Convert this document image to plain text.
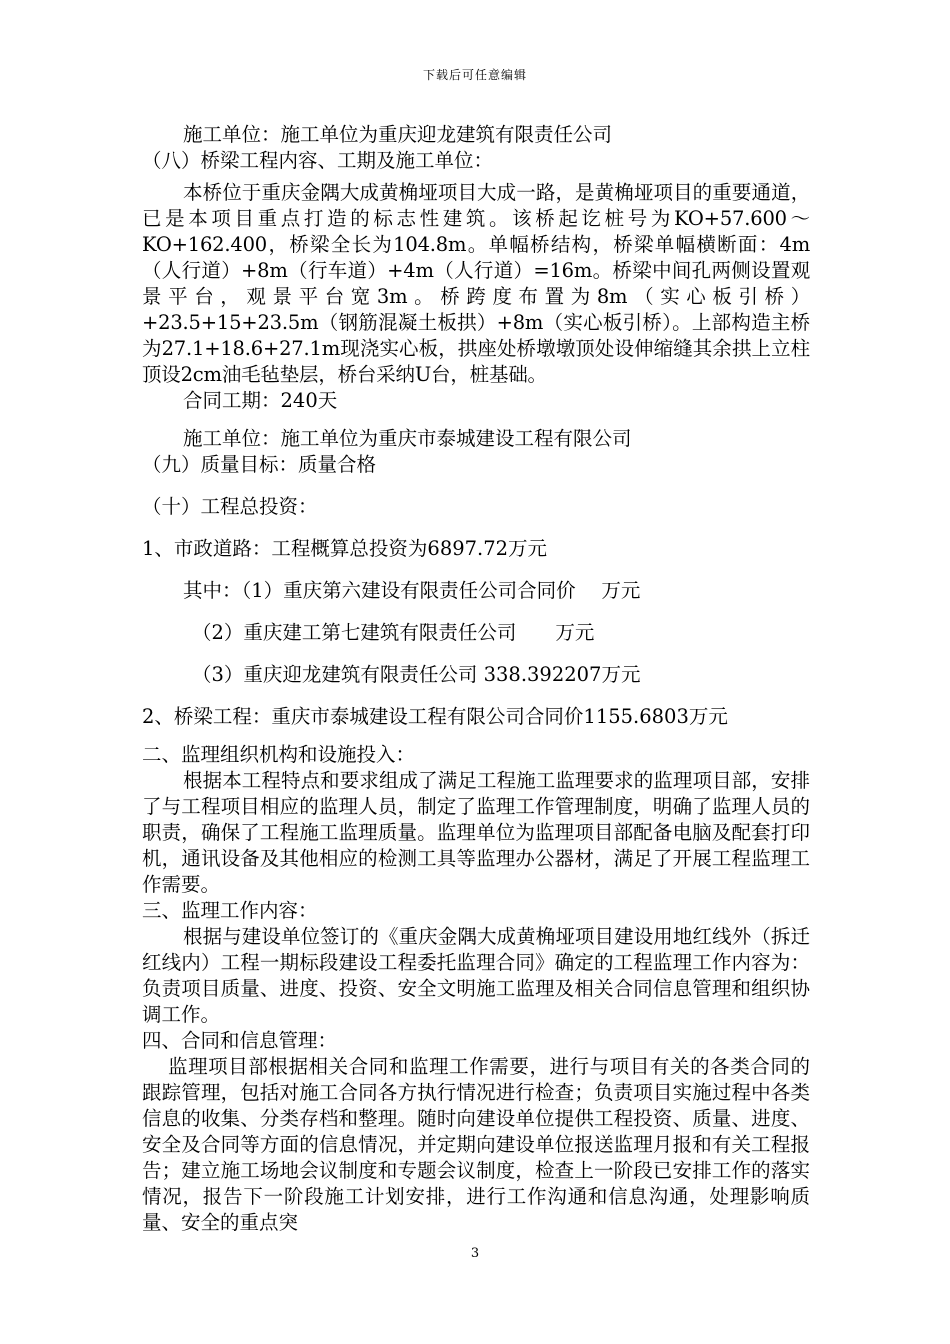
下载后可任意编辑

施工单位：施工单位为重庆迎龙建筑有限责任公司

（八）桥梁工程内容、工期及施工单位：

本桥位于重庆金隅大成黄桷垭项目大成一路，是黄桷垭项目的重要通道，已是本项目重点打造的标志性建筑。该桥起讫桩号为KO+57.600～KO+162.400，桥梁全长为104.8m。单幅桥结构，桥梁单幅横断面：4m（人行道）+8m（行车道）+4m（人行道）=16m。桥梁中间孔两侧设置观景平台，观景平台宽3m。桥跨度布置为8m（实心板引桥）+23.5+15+23.5m（钢筋混凝土板拱）+8m（实心板引桥）。上部构造主桥为27.1+18.6+27.1m现浇实心板，拱座处桥墩墩顶处设伸缩缝其余拱上立柱顶设2cm油毛毡垫层，桥台采纳U台，桩基础。

合同工期：240天

施工单位：施工单位为重庆市泰城建设工程有限公司

（九）质量目标：质量合格

（十）工程总投资：

1、市政道路：工程概算总投资为6897.72万元

其中：（1）重庆第六建设有限责任公司合同价　 万元

（2）重庆建工第七建筑有限责任公司　　万元

（3）重庆迎龙建筑有限责任公司 338.392207万元

2、桥梁工程：重庆市泰城建设工程有限公司合同价1155.6803万元

二、监理组织机构和设施投入：

根据本工程特点和要求组成了满足工程施工监理要求的监理项目部，安排了与工程项目相应的监理人员，制定了监理工作管理制度，明确了监理人员的职责，确保了工程施工监理质量。监理单位为监理项目部配备电脑及配套打印机，通讯设备及其他相应的检测工具等监理办公器材，满足了开展工程监理工作需要。

三、监理工作内容：

根据与建设单位签订的《重庆金隅大成黄桷垭项目建设用地红线外（拆迁红线内）工程一期标段建设工程委托监理合同》确定的工程监理工作内容为：负责项目质量、进度、投资、安全文明施工监理及相关合同信息管理和组织协调工作。

四、合同和信息管理：

监理项目部根据相关合同和监理工作需要，进行与项目有关的各类合同的跟踪管理，包括对施工合同各方执行情况进行检查；负责项目实施过程中各类信息的收集、分类存档和整理。随时向建设单位提供工程投资、质量、进度、安全及合同等方面的信息情况，并定期向建设单位报送监理月报和有关工程报告；建立施工场地会议制度和专题会议制度，检查上一阶段已安排工作的落实情况，报告下一阶段施工计划安排，进行工作沟通和信息沟通，处理影响质量、安全的重点突

3
